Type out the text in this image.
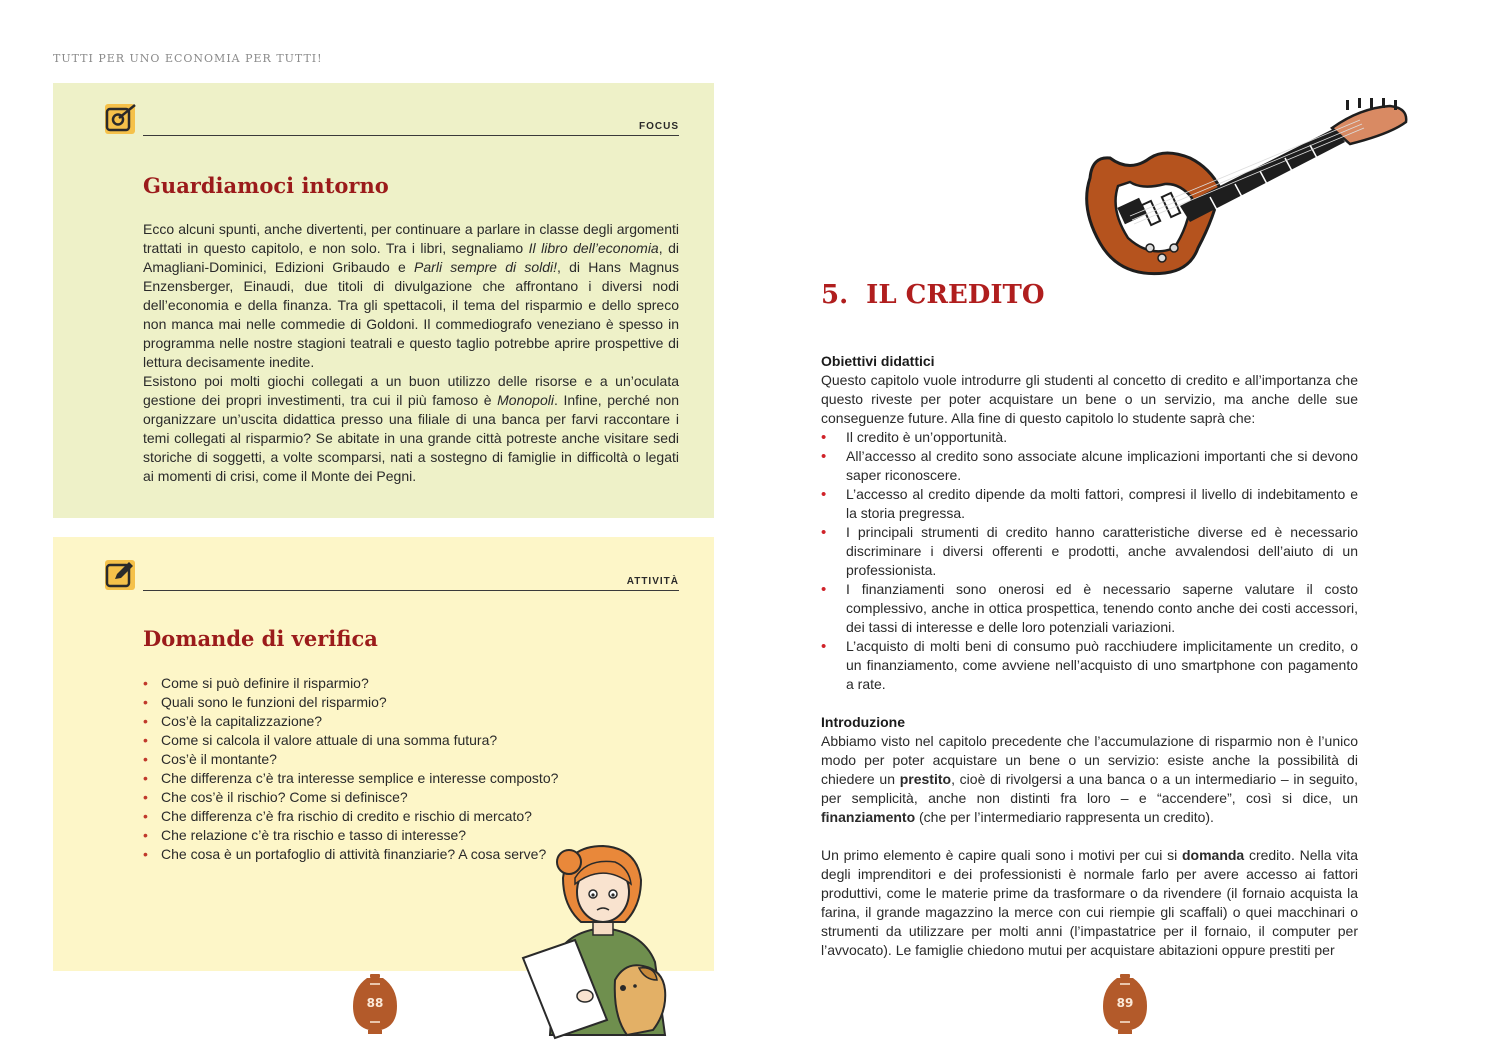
TUTTI PER UNO ECONOMIA PER TUTTI!
FOCUS
Guardiamoci intorno

Ecco alcuni spunti, anche divertenti, per continuare a parlare in classe degli argomenti trattati in questo capitolo, e non solo. Tra i libri, segnaliamo Il libro dell’economia, di Amagliani-Dominici, Edizioni Gribaudo e Parli sempre di soldi!, di Hans Magnus Enzensberger, Einaudi, due titoli di divulgazione che affrontano i diversi nodi dell’economia e della finanza. Tra gli spettacoli, il tema del risparmio e dello spreco non manca mai nelle commedie di Goldoni. Il commediografo veneziano è spesso in programma nelle nostre stagioni teatrali e questo taglio potrebbe aprire prospettive di lettura decisamente inedite.

Esistono poi molti giochi collegati a un buon utilizzo delle risorse e a un’oculata gestione dei propri investimenti, tra cui il più famoso è Monopoli. Infine, perché non organizzare un’uscita didattica presso una filiale di una banca per farvi raccontare i temi collegati al risparmio? Se abitate in una grande città potreste anche visitare sedi storiche di soggetti, a volte scomparsi, nati a sostegno di famiglie in difficoltà o legati ai momenti di crisi, come il Monte dei Pegni.

ATTIVITÀ
Domande di verifica
• Come si può definire il risparmio?
• Quali sono le funzioni del risparmio?
• Cos’è la capitalizzazione?
• Come si calcola il valore attuale di una somma futura?
• Cos’è il montante?
• Che differenza c’è tra interesse semplice e interesse composto?
• Che cos’è il rischio? Come si definisce?
• Che differenza c’è fra rischio di credito e rischio di mercato?
• Che relazione c’è tra rischio e tasso di interesse?
• Che cosa è un portafoglio di attività finanziarie? A cosa serve?
5. IL CREDITO
Obiettivi didattici

Questo capitolo vuole introdurre gli studenti al concetto di credito e all’importanza che questo riveste per poter acquistare un bene o un servizio, ma anche delle sue conseguenze future. Alla fine di questo capitolo lo studente saprà che:

• Il credito è un’opportunità.
• All’accesso al credito sono associate alcune implicazioni importanti che si devono saper riconoscere.
• L’accesso al credito dipende da molti fattori, compresi il livello di indebitamento e la storia pregressa.
• I principali strumenti di credito hanno caratteristiche diverse ed è necessario discriminare i diversi offerenti e prodotti, anche avvalendosi dell’aiuto di un professionista.
• I finanziamenti sono onerosi ed è necessario saperne valutare il costo complessivo, anche in ottica prospettica, tenendo conto anche dei costi accessori, dei tassi di interesse e delle loro potenziali variazioni.
• L’acquisto di molti beni di consumo può racchiudere implicitamente un credito, o un finanziamento, come avviene nell’acquisto di uno smartphone con pagamento a rate.
Introduzione

Abbiamo visto nel capitolo precedente che l’accumulazione di risparmio non è l’unico modo per poter acquistare un bene o un servizio: esiste anche la possibilità di chiedere un prestito, cioè di rivolgersi a una banca o a un intermediario – in seguito, per semplicità, anche non distinti fra loro – e “accendere”, così si dice, un finanziamento (che per l’intermediario rappresenta un credito).

Un primo elemento è capire quali sono i motivi per cui si domanda credito. Nella vita degli imprenditori e dei professionisti è normale farlo per avere accesso ai fattori produttivi, come le materie prime da trasformare o da rivendere (il fornaio acquista la farina, il grande magazzino la merce con cui riempie gli scaffali) o quei macchinari o strumenti da utilizzare per molti anni (l’impastatrice per il fornaio, il computer per l’avvocato). Le famiglie chiedono mutui per acquistare abitazioni oppure prestiti per

88	89
